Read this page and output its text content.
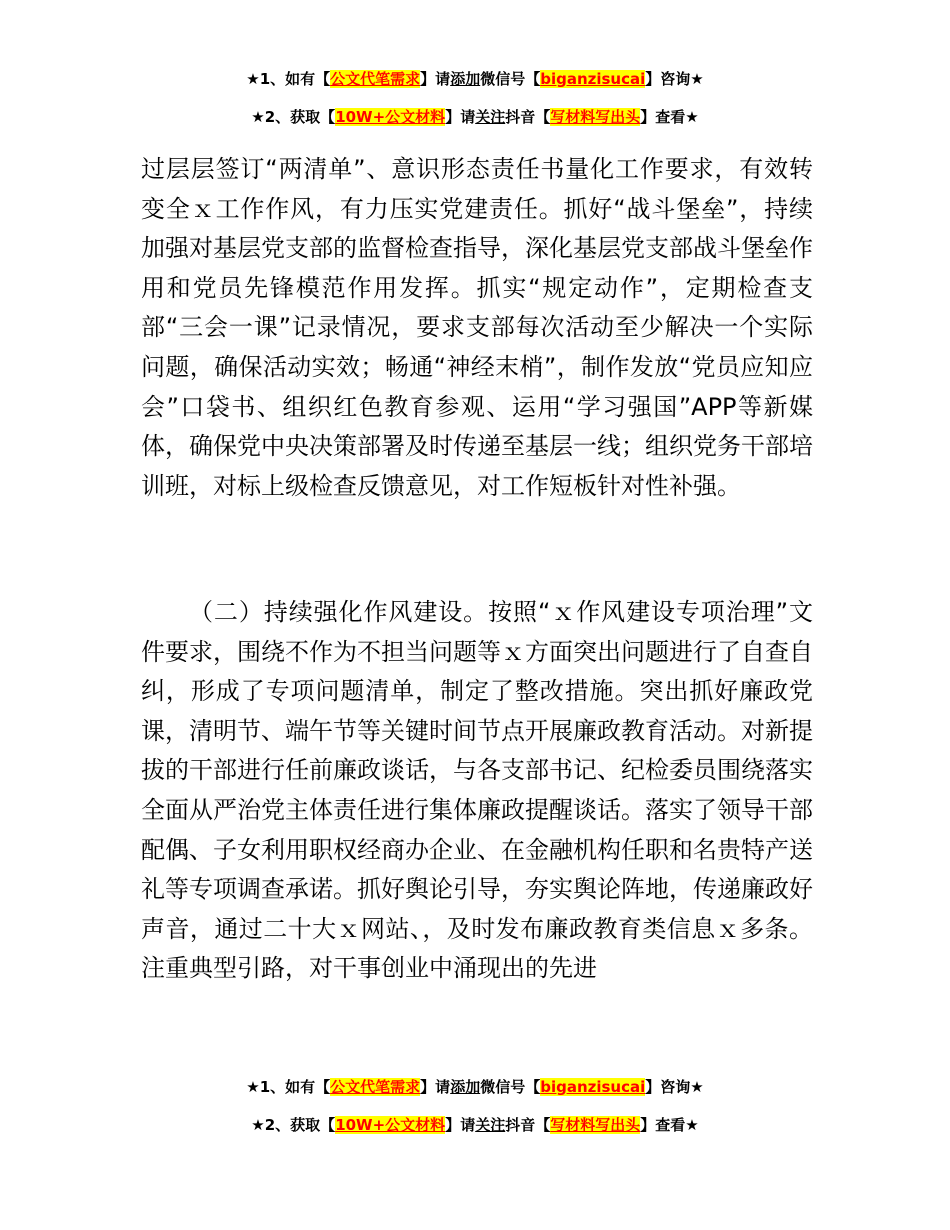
★1、如有【公文代笔需求】请添加微信号【biganzisucai】咨询★
★2、获取【10W+公文材料】请关注抖音【写材料写出头】查看★

过层层签订“两清单”、意识形态责任书量化工作要求，有效转变全ｘ工作作风，有力压实党建责任。抓好“战斗堡垒”，持续加强对基层党支部的监督检查指导，深化基层党支部战斗堡垒作用和党员先锋模范作用发挥。抓实“规定动作”，定期检查支部“三会一课”记录情况，要求支部每次活动至少解决一个实际问题，确保活动实效；畅通“神经末梢”，制作发放“党员应知应会”口袋书、组织红色教育参观、运用“学习强国”APP等新媒体，确保党中央决策部署及时传递至基层一线；组织党务干部培训班，对标上级检查反馈意见，对工作短板针对性补强。

（二）持续强化作风建设。按照“ｘ作风建设专项治理”文件要求，围绕不作为不担当问题等ｘ方面突出问题进行了自查自纠，形成了专项问题清单，制定了整改措施。突出抓好廉政党课，清明节、端午节等关键时间节点开展廉政教育活动。对新提拔的干部进行任前廉政谈话，与各支部书记、纪检委员围绕落实全面从严治党主体责任进行集体廉政提醒谈话。落实了领导干部配偶、子女利用职权经商办企业、在金融机构任职和名贵特产送礼等专项调查承诺。抓好舆论引导，夯实舆论阵地，传递廉政好声音，通过二十大ｘ网站、，及时发布廉政教育类信息ｘ多条。注重典型引路，对干事创业中涌现出的先进

★1、如有【公文代笔需求】请添加微信号【biganzisucai】咨询★
★2、获取【10W+公文材料】请关注抖音【写材料写出头】查看★
